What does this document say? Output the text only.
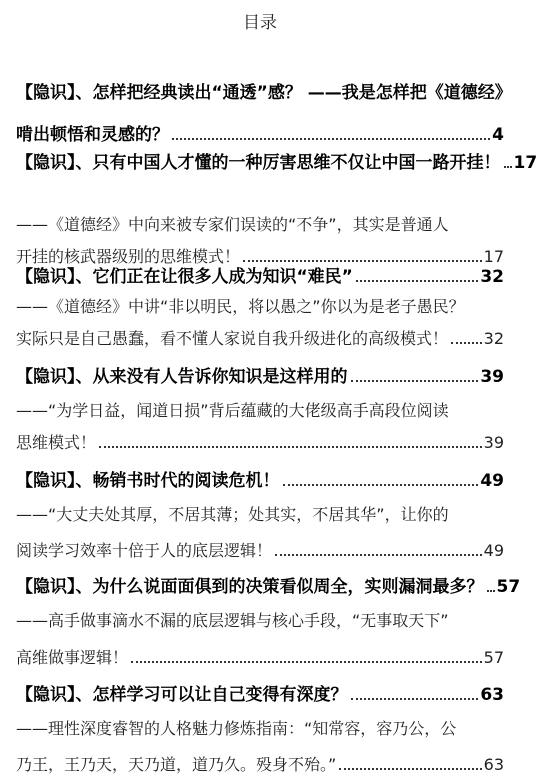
目录
【隐识】、怎样把经典读出“通透”感？ ——我是怎样把《道德经》
啃出顿悟和灵感的？	4
【隐识】、只有中国人才懂的一种厉害思维不仅让中国一路开挂！ 17
——《道德经》中向来被专家们误读的“不争”，其实是普通人
开挂的核武器级别的思维模式！	17
【隐识】、它们正在让很多人成为知识“难民”	32
——《道德经》中讲“非以明民，将以愚之”你以为是老子愚民？
实际只是自己愚蠢，看不懂人家说自我升级进化的高级模式！ 32
【隐识】、从来没有人告诉你知识是这样用的	39
——“为学日益，闻道日损”背后蕴藏的大佬级高手高段位阅读
思维模式！	39
【隐识】、畅销书时代的阅读危机！	49
——“大丈夫处其厚，不居其薄；处其实，不居其华”，让你的
阅读学习效率十倍于人的底层逻辑！	49
【隐识】、为什么说面面俱到的决策看似周全，实则漏洞最多？ 57
——高手做事滴水不漏的底层逻辑与核心手段，“无事取天下”
高维做事逻辑！	57
【隐识】、怎样学习可以让自己变得有深度？	63
——理性深度睿智的人格魅力修炼指南：“知常容，容乃公，公
乃王，王乃天，天乃道，道乃久。殁身不殆。”	63
